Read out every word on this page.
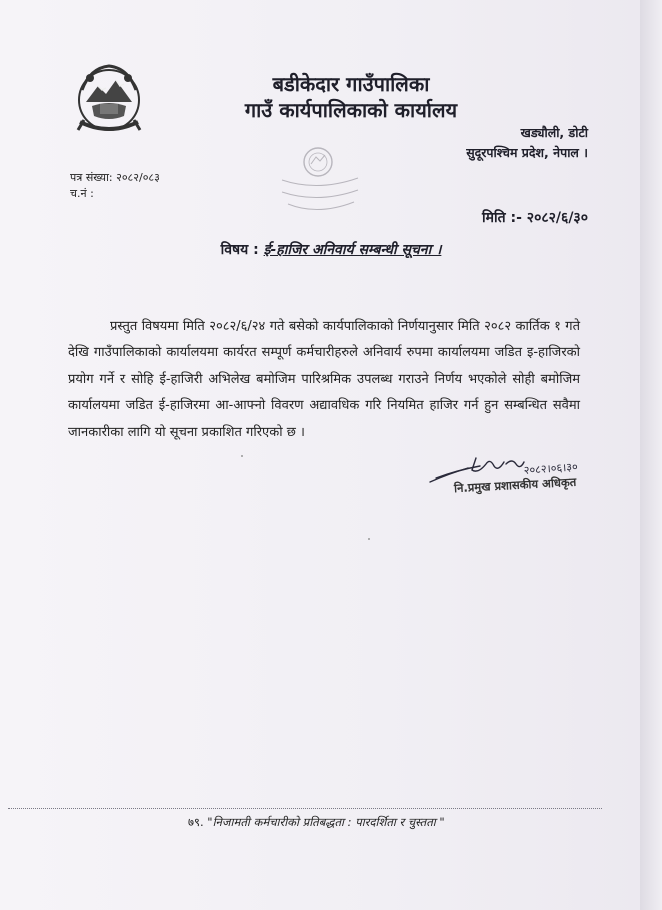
बडीकेदार गाउँपालिका
गाउँ कार्यपालिकाको कार्यालय
खड्यौली, डोटी
सुदूरपश्चिम प्रदेश, नेपाल ।
पत्र संख्या: २०८२/०८३
च.नं :
मिति :- २०८२/६/३०
विषय : ई-हाजिर अनिवार्य सम्बन्धी सूचना ।

प्रस्तुत विषयमा मिति २०८२/६/२४ गते बसेको कार्यपालिकाको निर्णयानुसार मिति २०८२ कार्तिक १ गते देखि गाउँपालिकाको कार्यालयमा कार्यरत सम्पूर्ण कर्मचारीहरुले अनिवार्य रुपमा कार्यालयमा जडित इ-हाजिरको प्रयोग गर्ने र सोहि ई-हाजिरी अभिलेख बमोजिम पारिश्रमिक उपलब्ध गराउने निर्णय भएकोले सोही बमोजिम कार्यालयमा जडित ई-हाजिरमा आ-आफ्नो विवरण अद्यावधिक गरि नियमित हाजिर गर्न हुन सम्बन्धित सवैमा जानकारीका लागि यो सूचना प्रकाशित गरिएको छ ।

२०८२।०६।३०
नि.प्रमुख प्रशासकीय अधिकृत
७९. "निजामती कर्मचारीको प्रतिबद्धता : पारदर्शिता र चुस्तता "
